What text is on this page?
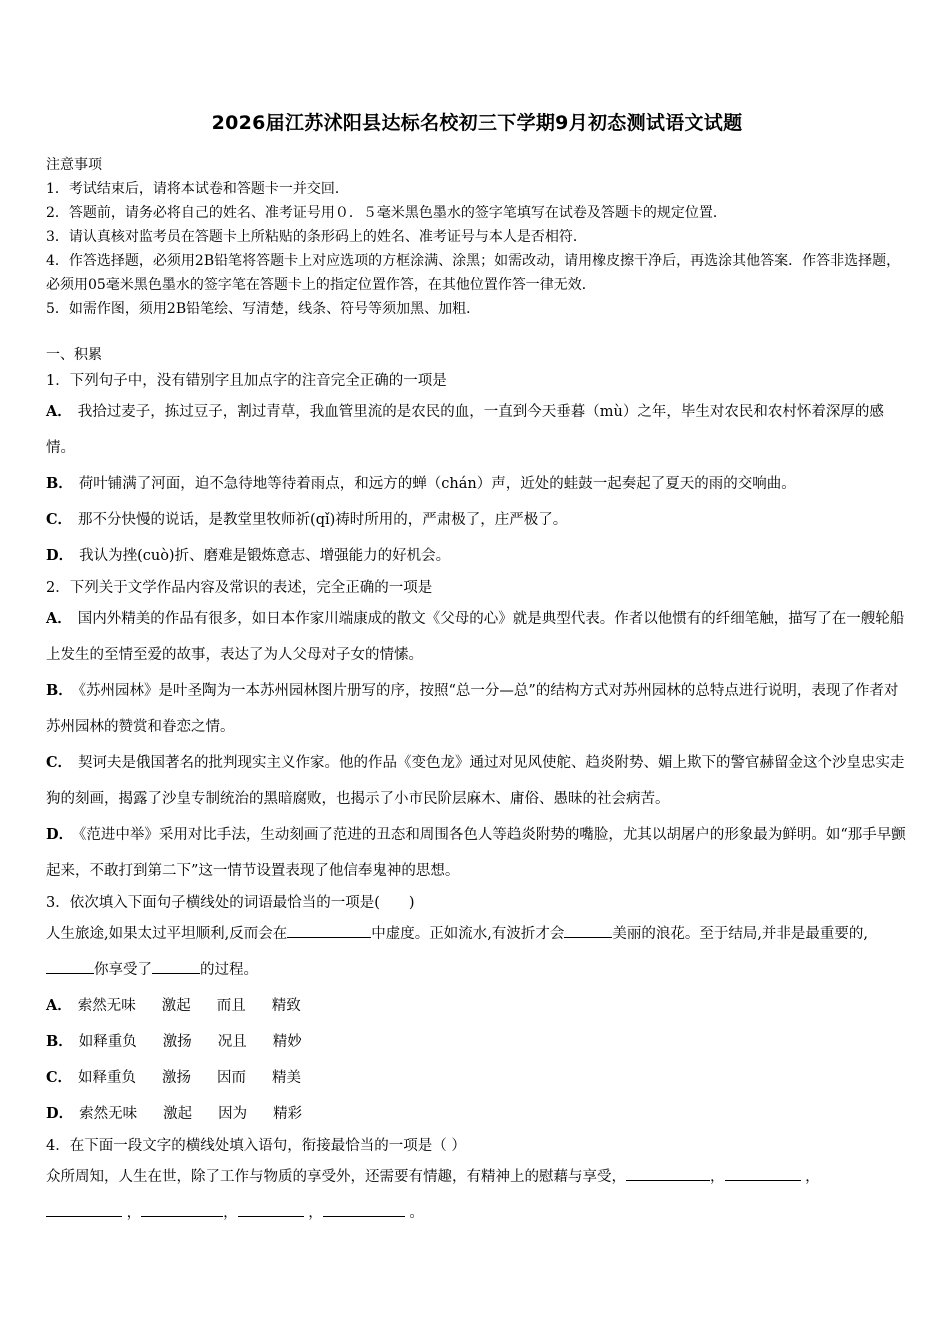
2026届江苏沭阳县达标名校初三下学期9月初态测试语文试题
注意事项
1．考试结束后，请将本试卷和答题卡一并交回．
2．答题前，请务必将自己的姓名、准考证号用０．５毫米黑色墨水的签字笔填写在试卷及答题卡的规定位置．
3．请认真核对监考员在答题卡上所粘贴的条形码上的姓名、准考证号与本人是否相符．
4．作答选择题，必须用2B铅笔将答题卡上对应选项的方框涂满、涂黑；如需改动，请用橡皮擦干净后，再选涂其他答案．作答非选择题，必须用05毫米黑色墨水的签字笔在答题卡上的指定位置作答，在其他位置作答一律无效．
5．如需作图，须用2B铅笔绘、写清楚，线条、符号等须加黑、加粗．
一、积累
1．下列句子中，没有错别字且加点字的注音完全正确的一项是
A． 我拾过麦子，拣过豆子，割过青草，我血管里流的是农民的血，一直到今天垂暮（mù）之年，毕生对农民和农村怀着深厚的感情。
B． 荷叶铺满了河面，迫不急待地等待着雨点，和远方的蝉（chán）声，近处的蛙鼓一起奏起了夏天的雨的交响曲。
C． 那不分快慢的说话，是教堂里牧师祈(qǐ)祷时所用的，严肃极了，庄严极了。
D． 我认为挫(cuò)折、磨难是锻炼意志、增强能力的好机会。
2．下列关于文学作品内容及常识的表述，完全正确的一项是
A． 国内外精美的作品有很多，如日本作家川端康成的散文《父母的心》就是典型代表。作者以他惯有的纤细笔触，描写了在一艘轮船上发生的至情至爱的故事，表达了为人父母对子女的情愫。
B． 《苏州园林》是叶圣陶为一本苏州园林图片册写的序，按照“总一分—总”的结构方式对苏州园林的总特点进行说明，表现了作者对苏州园林的赞赏和眷恋之情。
C． 契诃夫是俄国著名的批判现实主义作家。他的作品《变色龙》通过对见风使舵、趋炎附势、媚上欺下的警官赫留金这个沙皇忠实走狗的刻画，揭露了沙皇专制统治的黑暗腐败，也揭示了小市民阶层麻木、庸俗、愚昧的社会病苦。
D． 《范进中举》采用对比手法，生动刻画了范进的丑态和周围各色人等趋炎附势的嘴脸，尤其以胡屠户的形象最为鲜明。如“那手早颤起来，不敢打到第二下”这一情节设置表现了他信奉鬼神的思想。
3．依次填入下面句子横线处的词语最恰当的一项是(　　)
人生旅途,如果太过平坦顺利,反而会在	中虚度。正如流水,有波折才会	美丽的浪花。至于结局,并非是最重要的,你享受了	的过程。
A． 索然无味 激起 而且 精致
B． 如释重负 激扬 况且 精妙
C． 如释重负 激扬 因而 精美
D． 索然无味 激起 因为 精彩
4．在下面一段文字的横线处填入语句，衔接最恰当的一项是（ ）
众所周知，人生在世，除了工作与物质的享受外，还需要有情趣，有精神上的慰藉与享受，	，	，
，	，	，	。
